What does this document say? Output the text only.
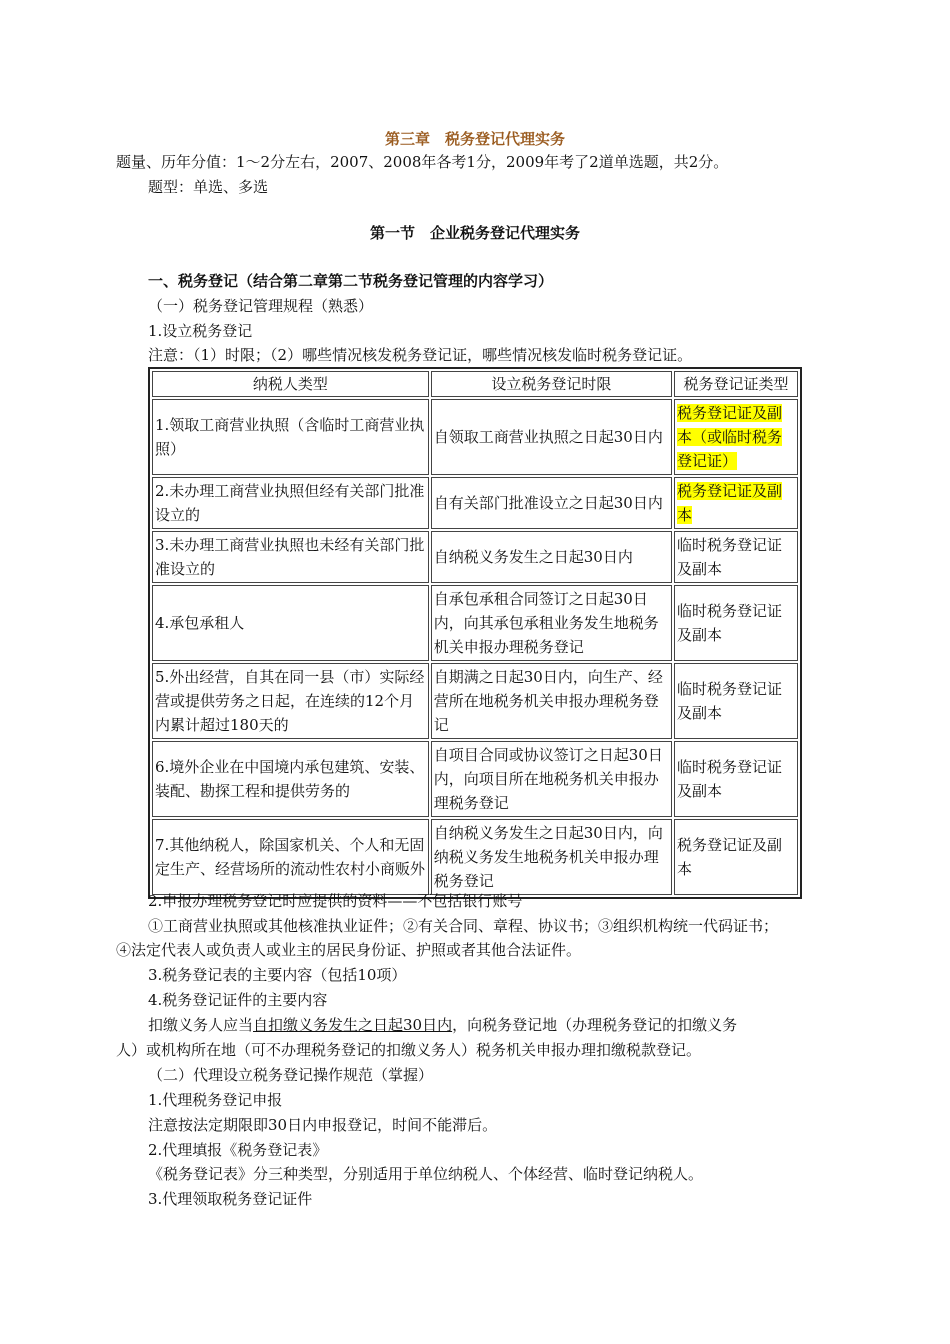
第三章　税务登记代理实务
题量、历年分值：1～2分左右，2007、2008年各考1分，2009年考了2道单选题，共2分。
题型：单选、多选
第一节　企业税务登记代理实务
一、税务登记（结合第二章第二节税务登记管理的内容学习）
（一）税务登记管理规程（熟悉）
1.设立税务登记
注意：（1）时限；（2）哪些情况核发税务登记证，哪些情况核发临时税务登记证。
纳税人类型	设立税务登记时限	税务登记证类型
1.领取工商营业执照（含临时工商营业执照）	自领取工商营业执照之日起30日内	税务登记证及副本（或临时税务登记证）
2.未办理工商营业执照但经有关部门批准设立的	自有关部门批准设立之日起30日内	税务登记证及副本
3.未办理工商营业执照也未经有关部门批准设立的	自纳税义务发生之日起30日内	临时税务登记证及副本
4.承包承租人	自承包承租合同签订之日起30日内，向其承包承租业务发生地税务机关申报办理税务登记	临时税务登记证及副本
5.外出经营，自其在同一县（市）实际经营或提供劳务之日起，在连续的12个月内累计超过180天的	自期满之日起30日内，向生产、经营所在地税务机关申报办理税务登记	临时税务登记证及副本
6.境外企业在中国境内承包建筑、安装、装配、勘探工程和提供劳务的	自项目合同或协议签订之日起30日内，向项目所在地税务机关申报办理税务登记	临时税务登记证及副本
7.其他纳税人，除国家机关、个人和无固定生产、经营场所的流动性农村小商贩外	自纳税义务发生之日起30日内，向纳税义务发生地税务机关申报办理税务登记	税务登记证及副本
2.申报办理税务登记时应提供的资料——不包括银行账号
①工商营业执照或其他核准执业证件；②有关合同、章程、协议书；③组织机构统一代码证书；
④法定代表人或负责人或业主的居民身份证、护照或者其他合法证件。
3.税务登记表的主要内容（包括10项）
4.税务登记证件的主要内容
扣缴义务人应当自扣缴义务发生之日起30日内，向税务登记地（办理税务登记的扣缴义务
人）或机构所在地（可不办理税务登记的扣缴义务人）税务机关申报办理扣缴税款登记。
（二）代理设立税务登记操作规范（掌握）
1.代理税务登记申报
注意按法定期限即30日内申报登记，时间不能滞后。
2.代理填报《税务登记表》
《税务登记表》分三种类型，分别适用于单位纳税人、个体经营、临时登记纳税人。
3.代理领取税务登记证件
